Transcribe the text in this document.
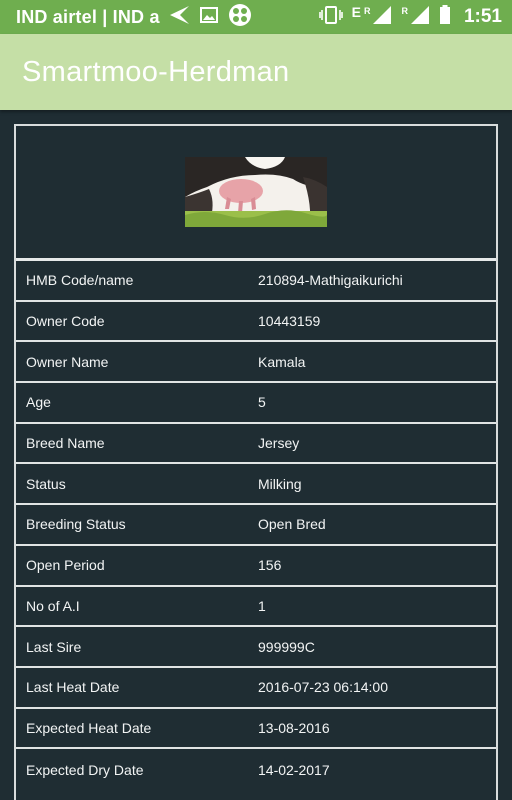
IND airtel | IND a	E R	R	1:51
Smartmoo-Herdman
HMB Code/name	210894-Mathigaikurichi
Owner Code	10443159
Owner Name	Kamala
Age	5
Breed Name	Jersey
Status	Milking
Breeding Status	Open Bred
Open Period	156
No of A.I	1
Last Sire	999999C
Last Heat Date	2016-07-23 06:14:00
Expected Heat Date	13-08-2016
Expected Dry Date	14-02-2017
